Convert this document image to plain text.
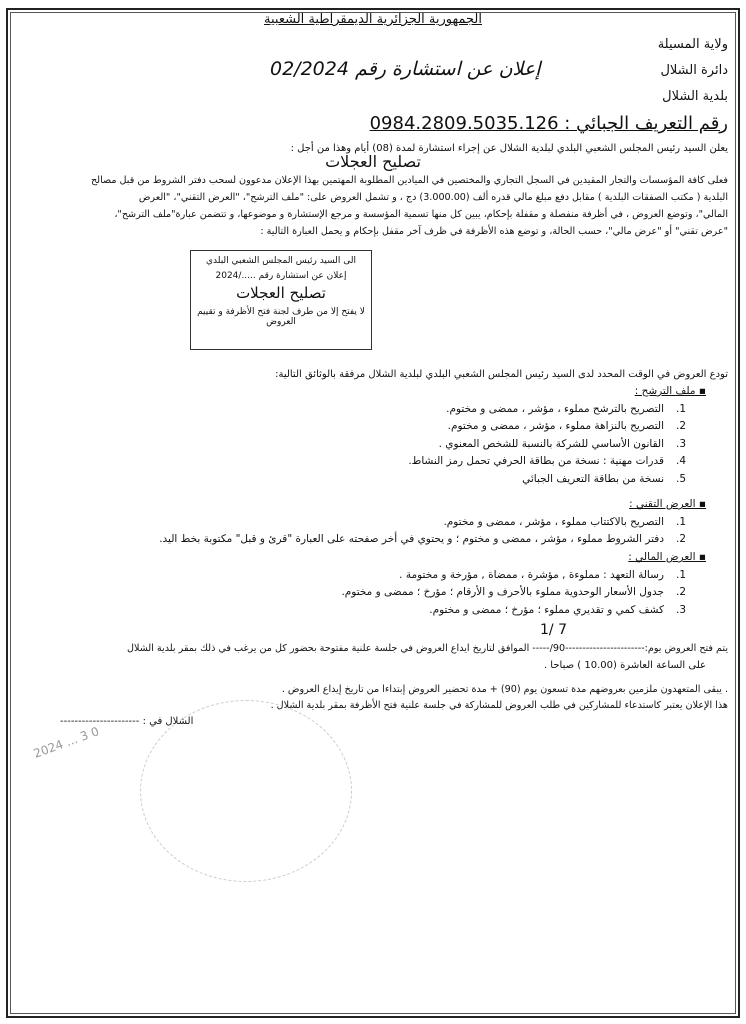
الجمهورية الجزائرية الديمقراطية الشعبية
ولاية المسيلة
دائرة الشلال
إعلان عن استشارة رقم 02/2024
بلدية الشلال
رقم التعريف الجبائي : 0984.2809.5035.126
يعلن السيد رئيس المجلس الشعبي البلدي لبلدية الشلال عن إجراء استشارة لمدة (08) أيام وهذا من أجل :
تصليح العجلات
فعلى كافة المؤسسات والتجار المقيدين في السجل التجاري والمختصين في الميادين المطلوبة المهتمين بهذا الإعلان مدعوون لسحب دفتر الشروط من قبل مصالح
البلدية ( مكتب الصفقات البلدية ) مقابل دفع مبلغ مالي قدره ألف (3.000.00) دج ، و تشمل العروض على: "ملف الترشح"، "العرض التقني"، "العرض
المالي"، وتوضع العروض ، في أظرفة منفصلة و مقفلة بإحكام، يبين كل منها تسمية المؤسسة و مرجع الإستشارة و موضوعها، و تتضمن عبارة"ملف الترشح"،
"عرض تقني" أو "عرض مالي"، حسب الحالة، و توضع هذه الأظرفة في ظرف آخر مقفل بإحكام و يحمل العبارة التالية :
الى السيد رئيس المجلس الشعبي البلدي
إعلان عن استشارة رقم ...../2024
تصليح العجلات
لا يفتح إلا من طرف لجنة فتح الأظرفة و تقييم العروض
تودع العروض في الوقت المحدد لدى السيد رئيس المجلس الشعبي البلدي لبلدية الشلال مرفقة بالوثائق التالية:
▪ ملف الترشح :
1.التصريح بالترشح مملوء ، مؤشر ، ممضى و مختوم.
2.التصريح بالنزاهة مملوء ، مؤشر ، ممضى و مختوم.
3.القانون الأساسي للشركة بالنسبة للشخص المعنوي .
4.قدرات مهنية : نسخة من بطاقة الحرفي تحمل رمز النشاط.
5.نسخة من بطاقة التعريف الجبائي
▪ العرض التقني :
1.التصريح بالاكتتاب مملوء ، مؤشر ، ممضى و مختوم.
2.دفتر الشروط مملوء ، مؤشر ، ممضى و مختوم ؛ و يحتوي في أخر صفحته على العبارة "قرئ و قبل" مكتوبة بخط اليد.
▪ العرض المالي :
1.رسالة التعهد : مملوءة , مؤشرة ، ممضاة , مؤرخة و مختومة .
2.جدول الأسعار الوحدوية مملوء بالأحرف و الأرقام ؛ مؤرخ ؛ ممضى و مختوم.
3.كشف كمي و تقديري مملوء ؛ مؤرخ ؛ ممضى و مختوم.
7 /1
يتم فتح العروض يوم:-----------------------90/----- الموافق لتاريخ ايداع العروض في جلسة علنية مفتوحة بحضور كل من يرغب في ذلك بمقر بلدية الشلال
على الساعة العاشرة (10.00 ) صباحا .
. يبقى المتعهدون ملزمين بعروضهم مدة تسعون يوم (90) + مدة تحضير العروض إبتداءا من تاريخ إيداع العروض .
هذا الإعلان يعتبر كاستدعاء للمشاركين في طلب العروض للمشاركة في جلسة علنية فتح الأظرفة بمقر بلدية الشلال .
الشلال في : ----------------------
2024 ... 3 0
